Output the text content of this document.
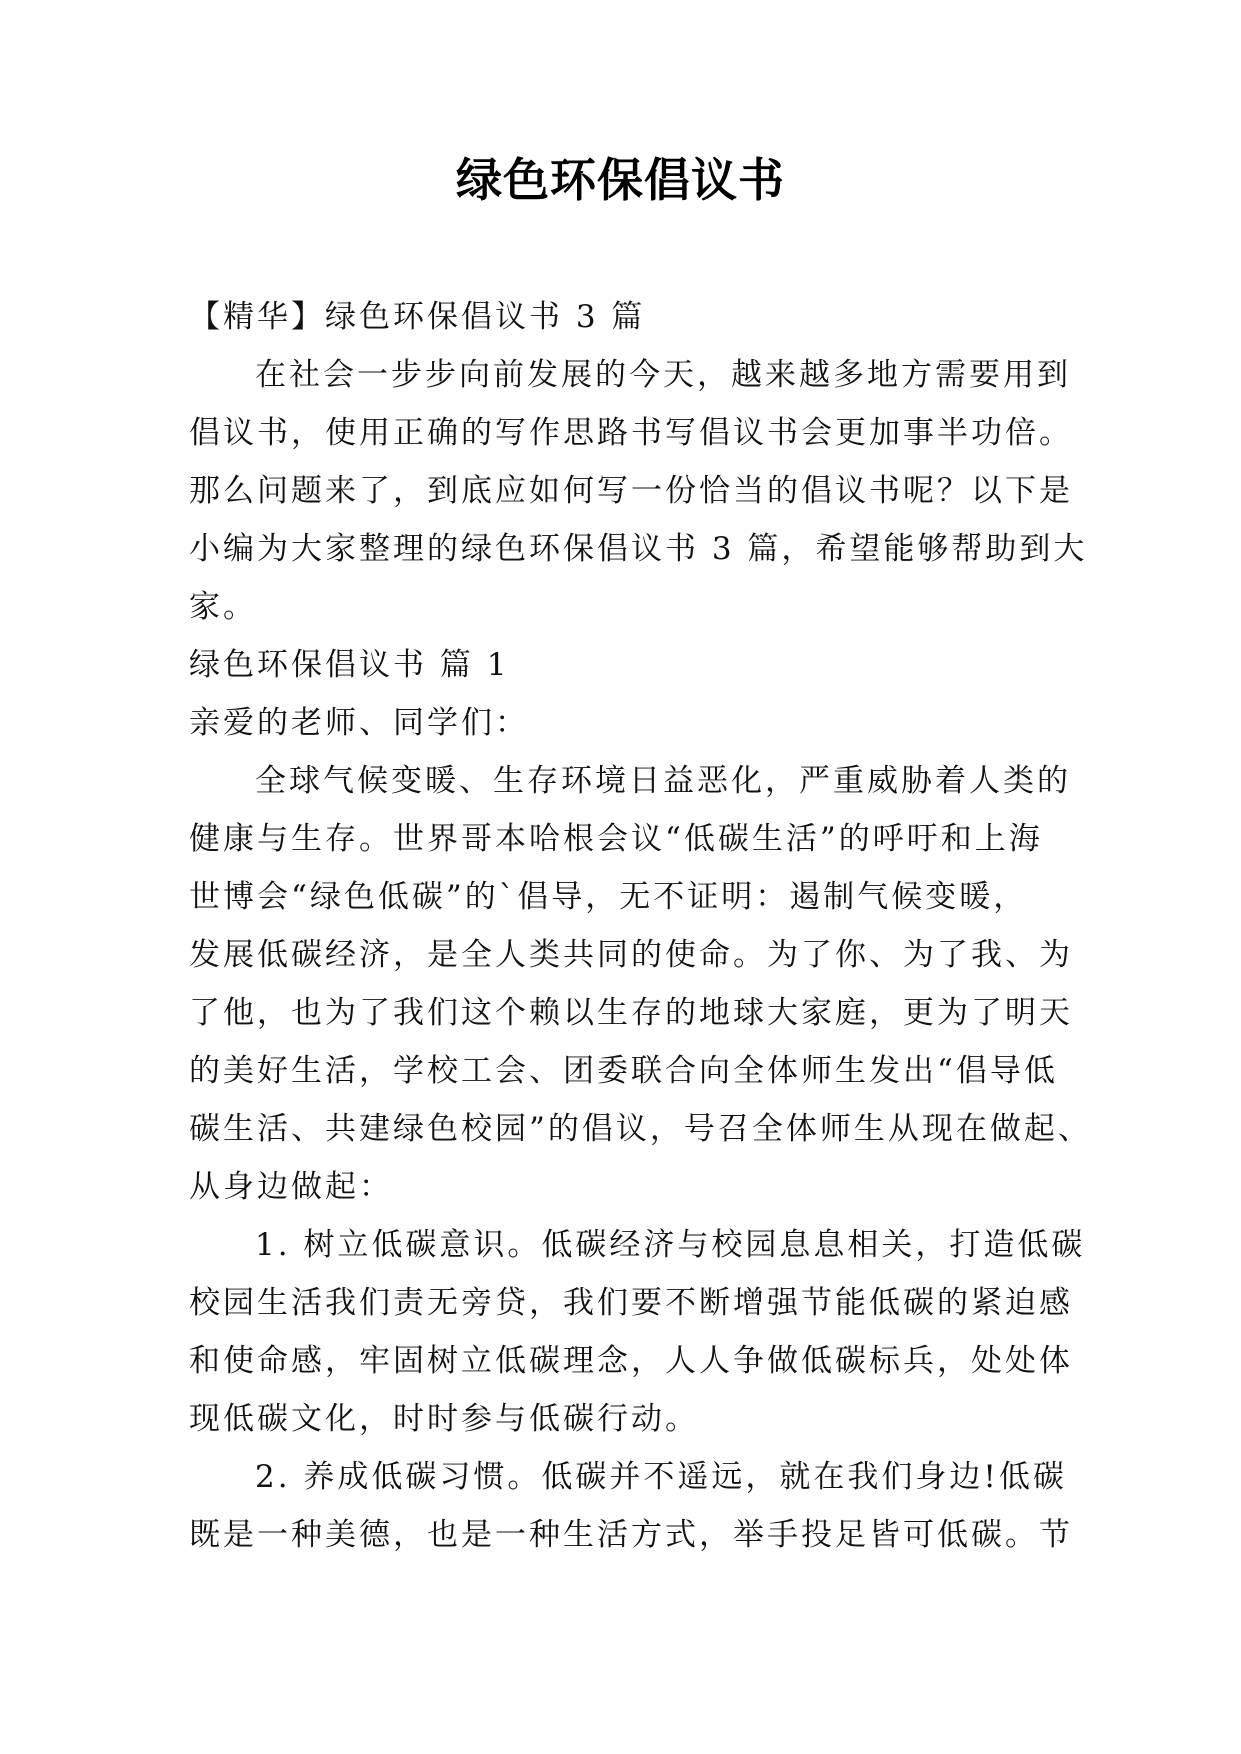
绿色环保倡议书

【精华】绿色环保倡议书 3 篇

在社会一步步向前发展的今天，越来越多地方需要用到

倡议书，使用正确的写作思路书写倡议书会更加事半功倍。

那么问题来了，到底应如何写一份恰当的倡议书呢？以下是

小编为大家整理的绿色环保倡议书 3 篇，希望能够帮助到大

家。

绿色环保倡议书 篇 1

亲爱的老师、同学们：

全球气候变暖、生存环境日益恶化，严重威胁着人类的

健康与生存。世界哥本哈根会议“低碳生活”的呼吁和上海

世博会“绿色低碳”的`倡导，无不证明：遏制气候变暖，

发展低碳经济，是全人类共同的使命。为了你、为了我、为

了他，也为了我们这个赖以生存的地球大家庭，更为了明天

的美好生活，学校工会、团委联合向全体师生发出“倡导低

碳生活、共建绿色校园”的倡议，号召全体师生从现在做起、

从身边做起：

1. 树立低碳意识。低碳经济与校园息息相关，打造低碳

校园生活我们责无旁贷，我们要不断增强节能低碳的紧迫感

和使命感，牢固树立低碳理念，人人争做低碳标兵，处处体

现低碳文化，时时参与低碳行动。

2. 养成低碳习惯。低碳并不遥远，就在我们身边!低碳

既是一种美德，也是一种生活方式，举手投足皆可低碳。节
